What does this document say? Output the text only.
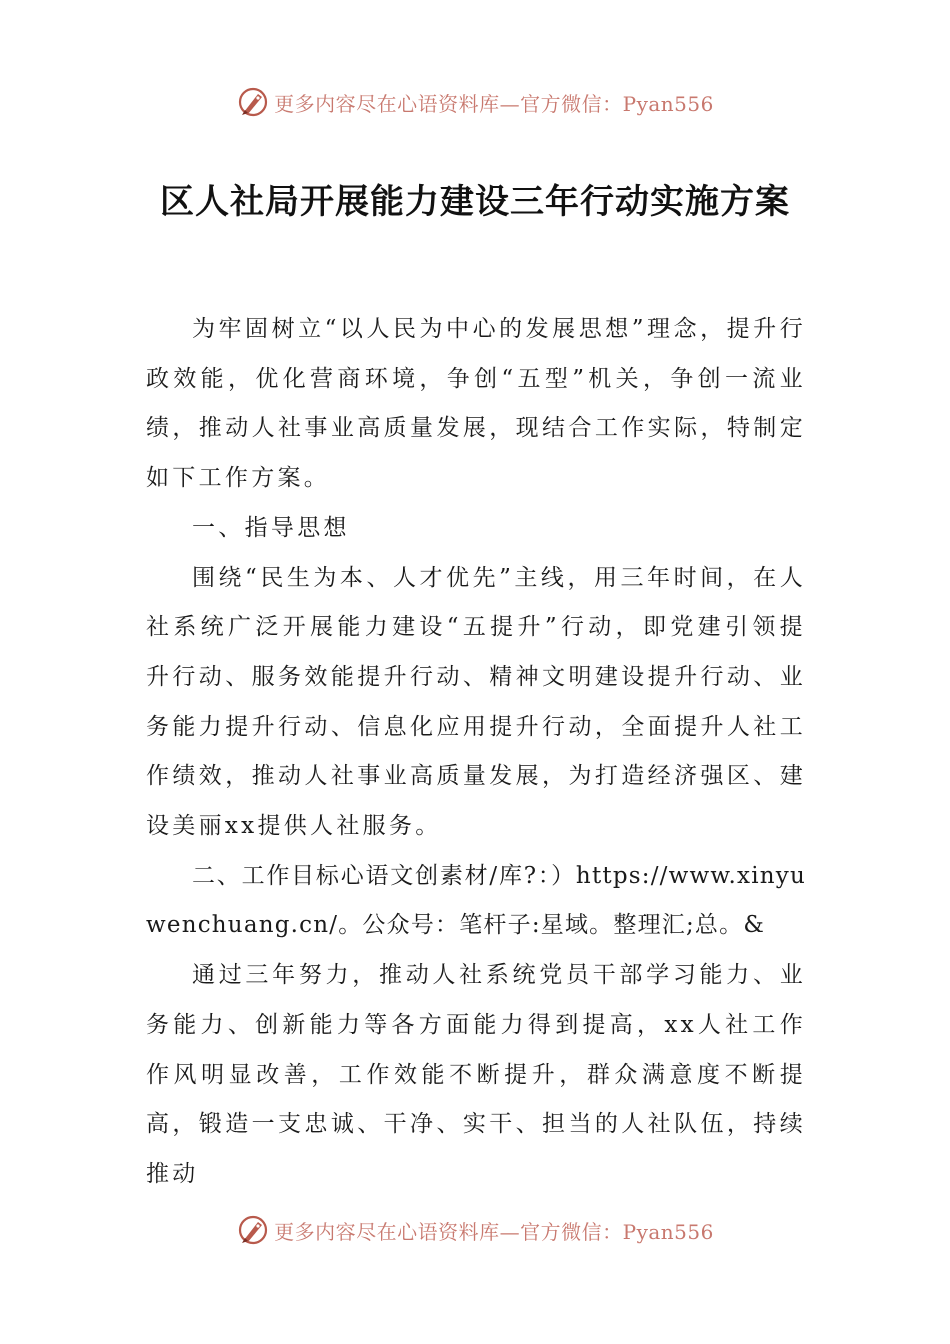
更多内容尽在心语资料库—官方微信：Pyan556
区人社局开展能力建设三年行动实施方案

为牢固树立“以人民为中心的发展思想”理念，提升行政效能，优化营商环境，争创“五型”机关，争创一流业绩，推动人社事业高质量发展，现结合工作实际，特制定如下工作方案。

一、指导思想

围绕“民生为本、人才优先”主线，用三年时间，在人社系统广泛开展能力建设“五提升”行动，即党建引领提升行动、服务效能提升行动、精神文明建设提升行动、业务能力提升行动、信息化应用提升行动，全面提升人社工作绩效，推动人社事业高质量发展，为打造经济强区、建设美丽xx提供人社服务。

二、工作目标心语文创素材/库?：）https://www.xinyuwenchuang.cn/。公众号：笔杆子:星域。整理汇;总。&

通过三年努力，推动人社系统党员干部学习能力、业务能力、创新能力等各方面能力得到提高，xx人社工作作风明显改善，工作效能不断提升，群众满意度不断提高，锻造一支忠诚、干净、实干、担当的人社队伍，持续推动

更多内容尽在心语资料库—官方微信：Pyan556
